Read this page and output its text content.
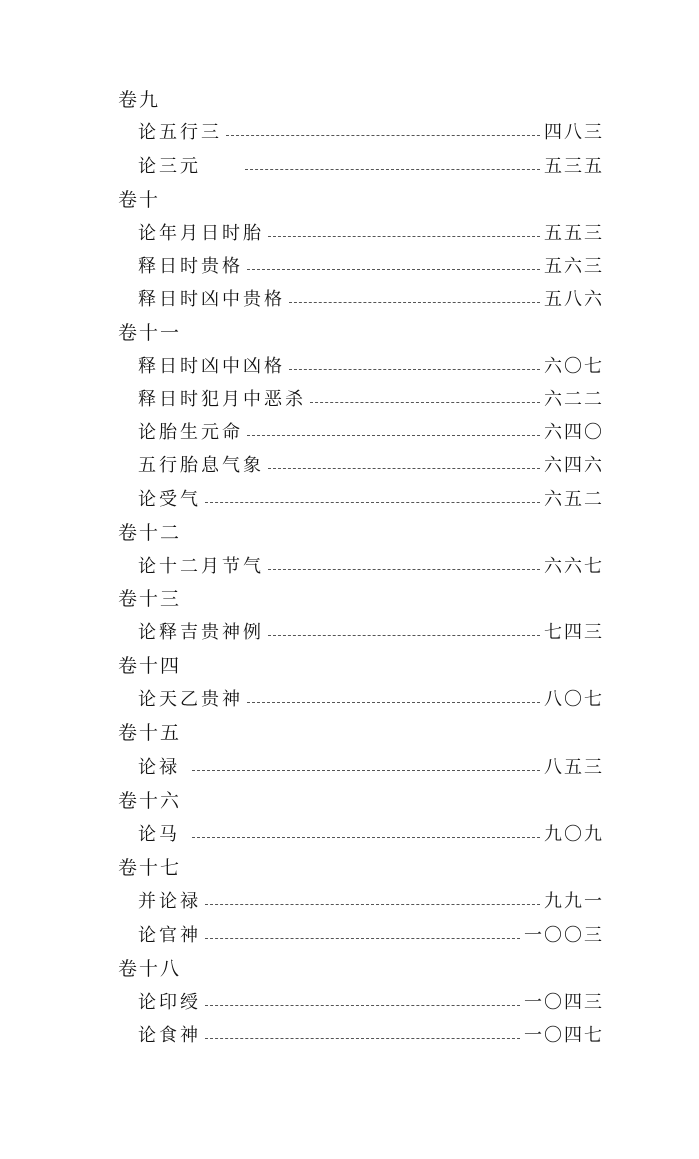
卷九
论五行三	四八三
论三元	五三五
卷十
论年月日时胎	五五三
释日时贵格	五六三
释日时凶中贵格	五八六
卷十一
释日时凶中凶格	六〇七
释日时犯月中恶杀	六二二
论胎生元命	六四〇
五行胎息气象	六四六
论受气	六五二
卷十二
论十二月节气	六六七
卷十三
论释吉贵神例	七四三
卷十四
论天乙贵神	八〇七
卷十五
论禄	八五三
卷十六
论马	九〇九
卷十七
并论禄	九九一
论官神	一〇〇三
卷十八
论印绶	一〇四三
论食神	一〇四七
